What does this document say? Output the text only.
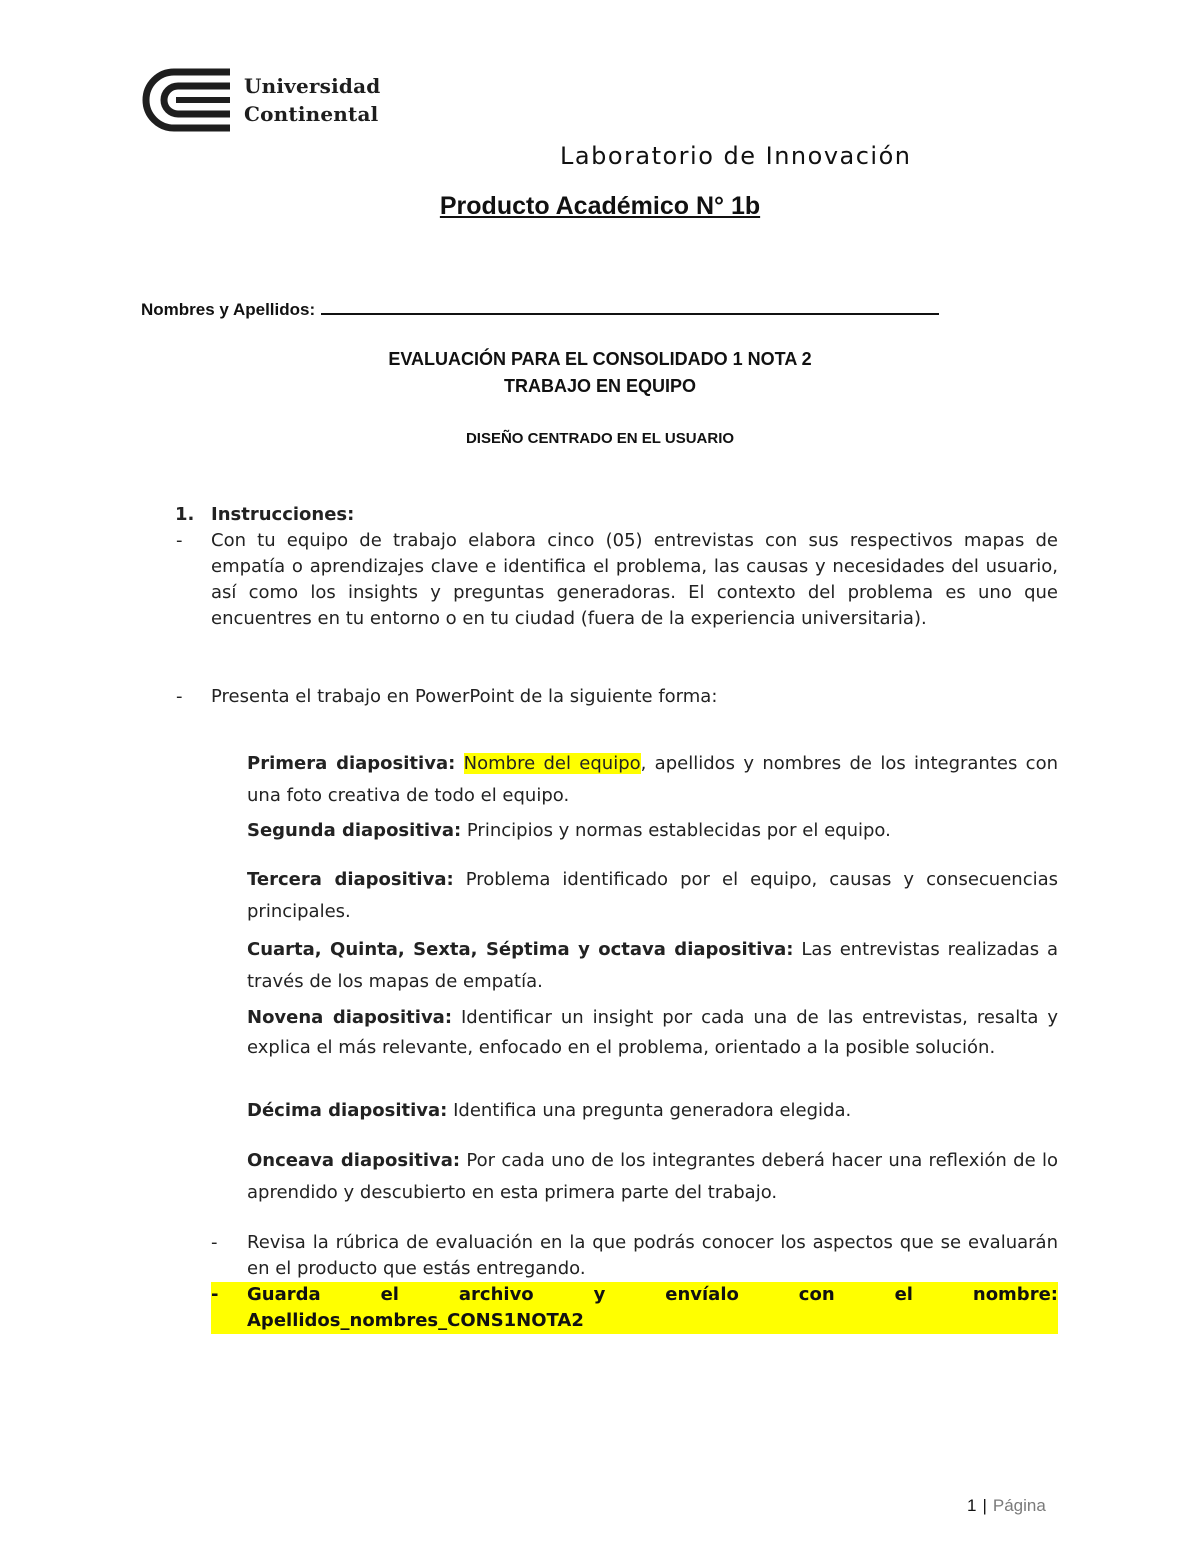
Universidad
Continental
Laboratorio de Innovación
Producto Académico N° 1b
Nombres y Apellidos:
EVALUACIÓN PARA EL CONSOLIDADO 1 NOTA 2
TRABAJO EN EQUIPO
DISEÑO CENTRADO EN EL USUARIO
1. Instrucciones:
- Con tu equipo de trabajo elabora cinco (05) entrevistas con sus respectivos mapas de empatía o aprendizajes clave e identifica el problema, las causas y necesidades del usuario, así como los insights y preguntas generadoras. El contexto del problema es uno que encuentres en tu entorno o en tu ciudad (fuera de la experiencia universitaria).
- Presenta el trabajo en PowerPoint de la siguiente forma:
Primera diapositiva: Nombre del equipo, apellidos y nombres de los integrantes con una foto creativa de todo el equipo.
Segunda diapositiva: Principios y normas establecidas por el equipo.
Tercera diapositiva: Problema identificado por el equipo, causas y consecuencias principales.
Cuarta, Quinta, Sexta, Séptima y octava diapositiva: Las entrevistas realizadas a través de los mapas de empatía.
Novena diapositiva: Identificar un insight por cada una de las entrevistas, resalta y explica el más relevante, enfocado en el problema, orientado a la posible solución.
Décima diapositiva: Identifica una pregunta generadora elegida.
Onceava diapositiva: Por cada uno de los integrantes deberá hacer una reflexión de lo aprendido y descubierto en esta primera parte del trabajo.
- Revisa la rúbrica de evaluación en la que podrás conocer los aspectos que se evaluarán en el producto que estás entregando.
Guarda	el	archivo	y	envíalo	con	el	nombre:
Apellidos_nombres_CONS1NOTA2
-
1 | Página
